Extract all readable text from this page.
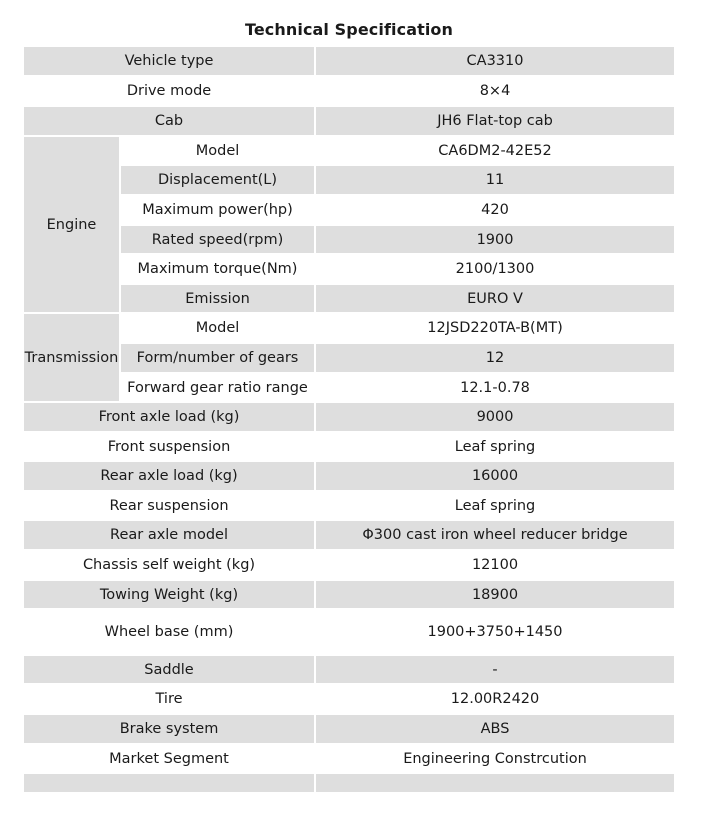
Technical Specification
Vehicle type		CA3310
Drive mode		8×4
Cab		JH6 Flat-top cab
Engine	Model	CA6DM2-42E52
	Displacement(L)	11
	Maximum power(hp)	420
	Rated speed(rpm)	1900
	Maximum torque(Nm)	2100/1300
	Emission	EURO V
Transmission	Model	12JSD220TA-B(MT)
	Form/number of gears	12
	Forward gear ratio range	12.1-0.78
Front axle load (kg)		9000
Front suspension		Leaf spring
Rear axle load (kg)		16000
Rear suspension		Leaf spring
Rear axle model		Φ300 cast iron wheel reducer bridge
Chassis self weight (kg)		12100
Towing Weight (kg)		18900
Wheel base (mm)		1900+3750+1450
Saddle		-
Tire		12.00R2420
Brake system		ABS
Market Segment		Engineering Constrcution
